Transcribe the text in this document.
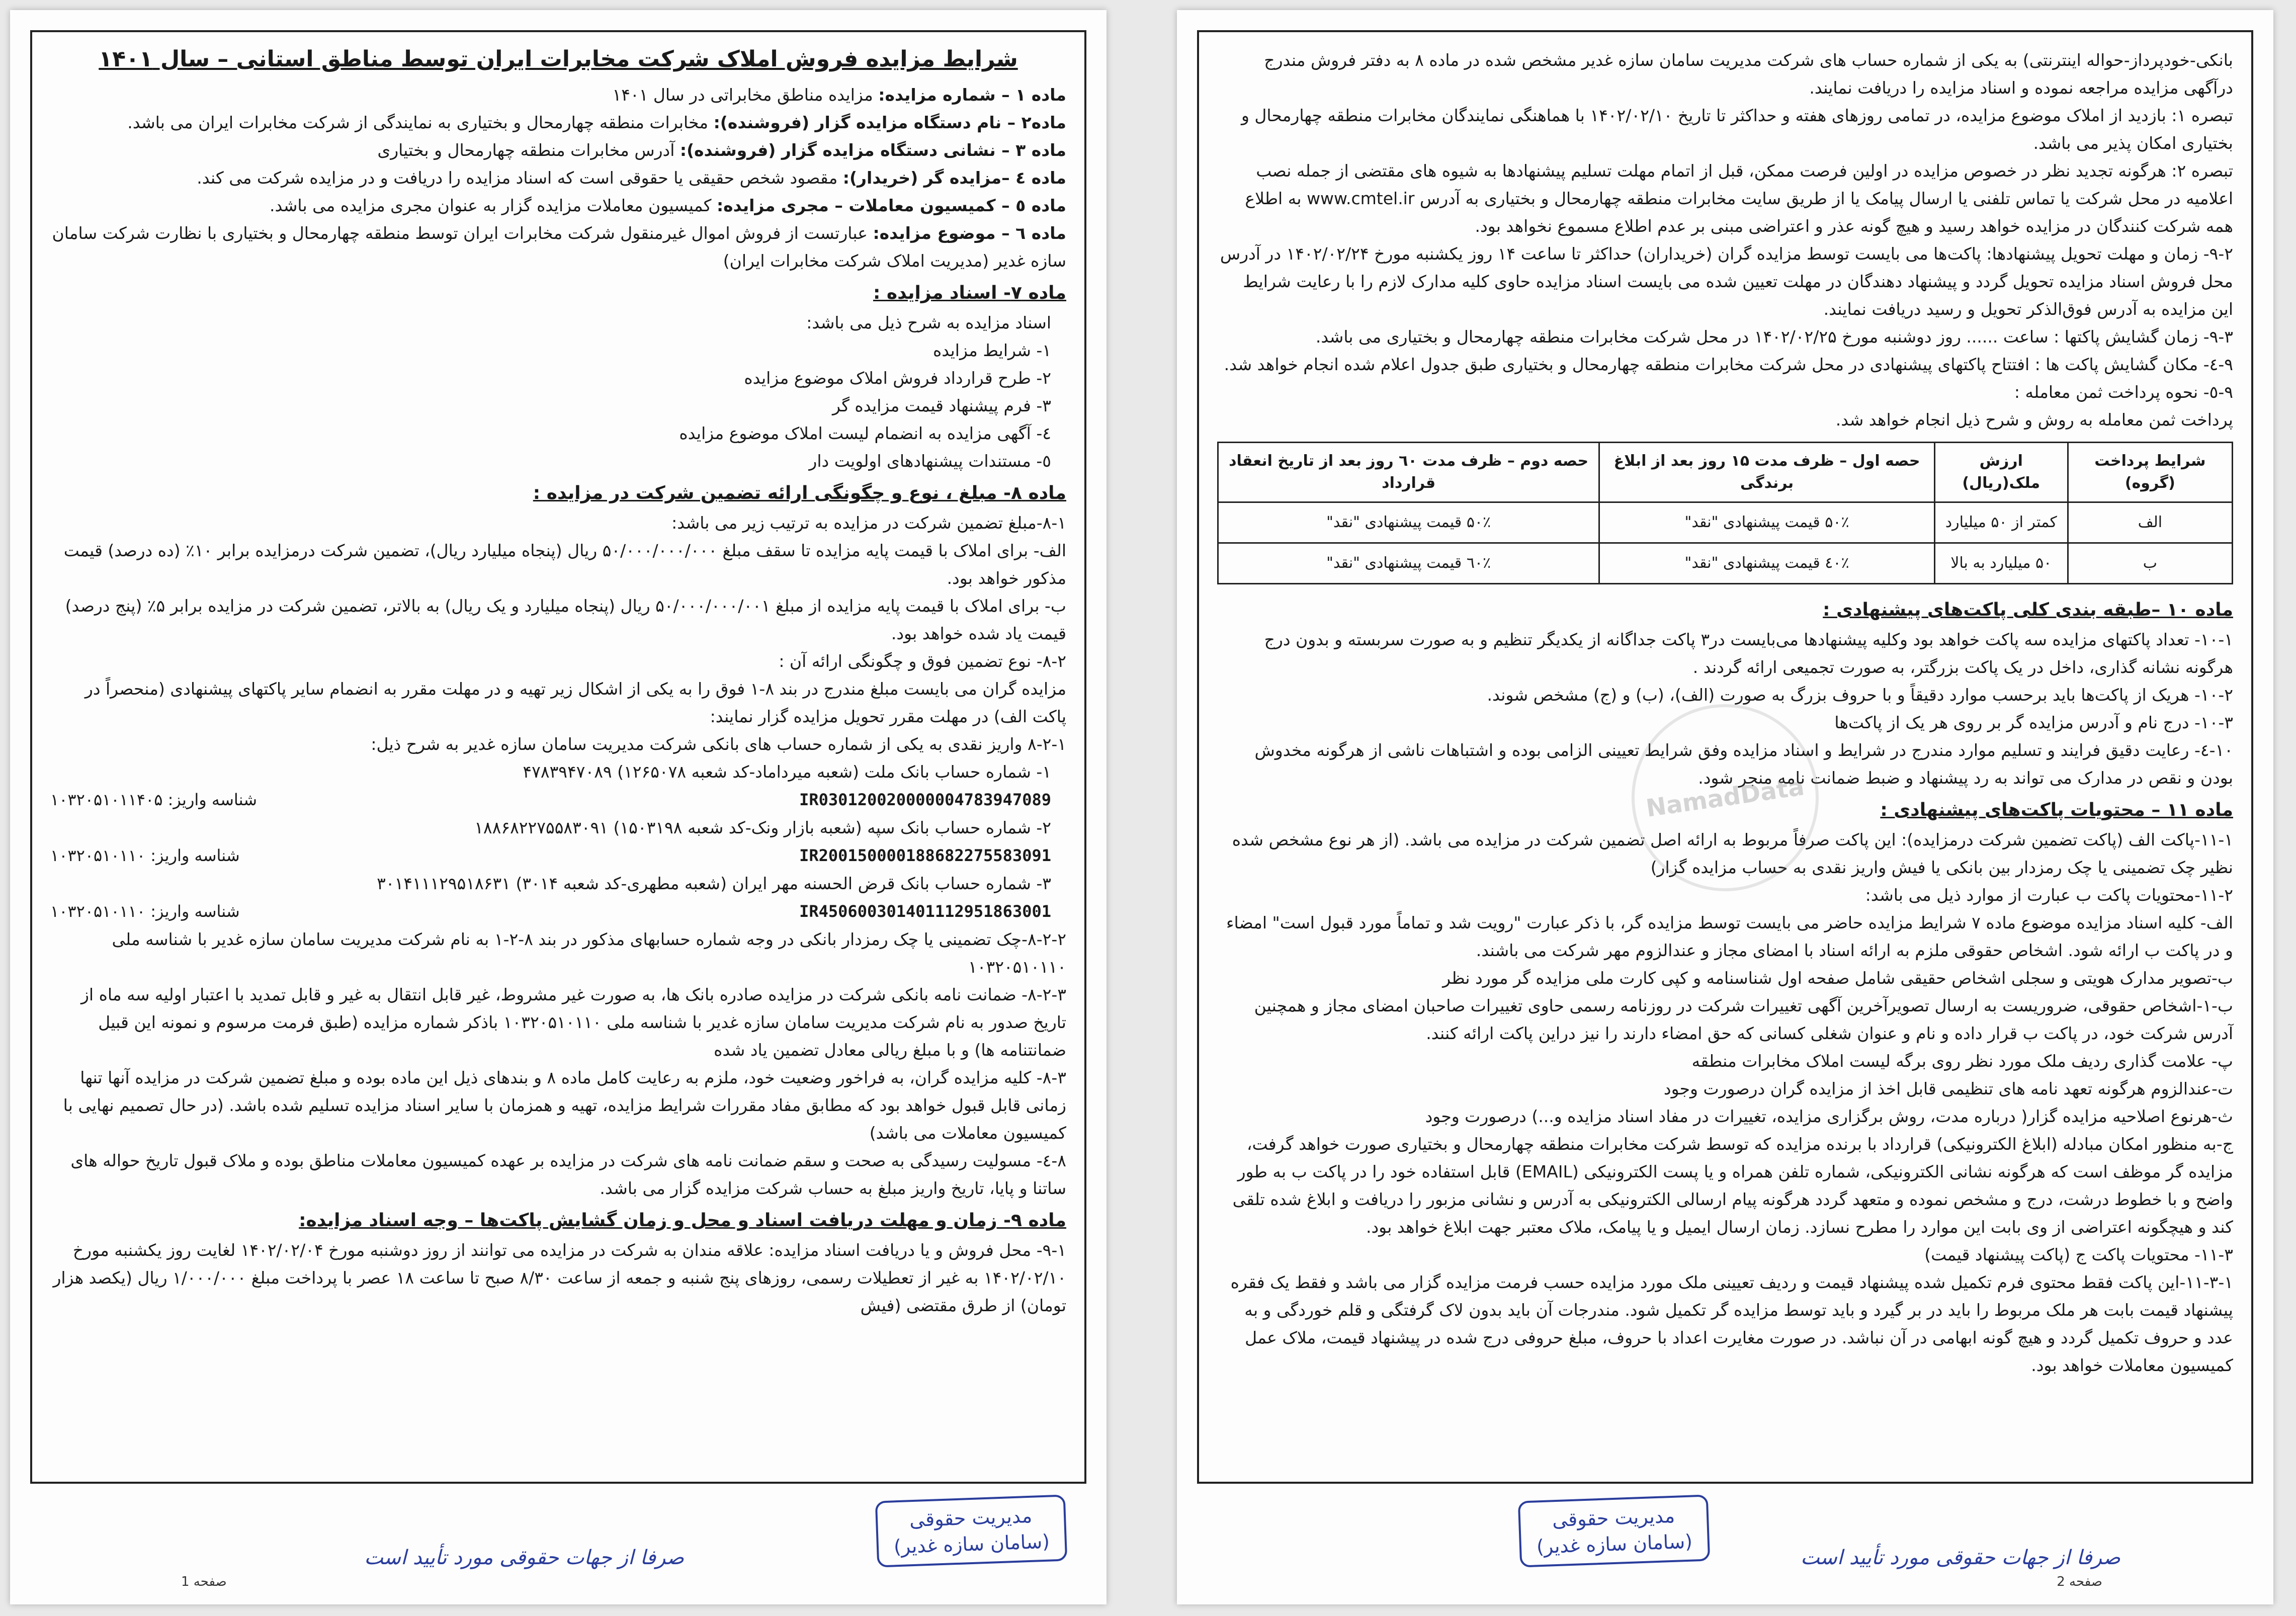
شرایط مزایده فروش املاک شرکت مخابرات ایران توسط مناطق استانی – سال ۱۴۰۱

ماده ۱ – شماره مزایده: مزایده مناطق مخابراتی در سال ۱۴۰۱

ماده۲ – نام دستگاه مزایده گزار (فروشنده): مخابرات منطقه چهارمحال و بختیاری به نمایندگی از شرکت مخابرات ایران می باشد.

ماده ۳ – نشانی دستگاه مزایده گزار (فروشنده): آدرس مخابرات منطقه چهارمحال و بختیاری

ماده ٤ –مزایده گر (خریدار): مقصود شخص حقیقی یا حقوقی است که اسناد مزایده را دریافت و در مزایده شرکت می کند.

ماده ٥ – کمیسیون معاملات – مجری مزایده: کمیسیون معاملات مزایده گزار به عنوان مجری مزایده می باشد.

ماده ٦ – موضوع مزایده: عبارتست از فروش اموال غیرمنقول شرکت مخابرات ایران توسط منطقه چهارمحال و بختیاری با نظارت شرکت سامان سازه غدیر (مدیریت املاک شرکت مخابرات ایران)

ماده ۷- اسناد مزایده :

اسناد مزایده به شرح ذیل می باشد:

۱- شرایط مزایده

۲- طرح قرارداد فروش املاک موضوع مزایده

۳- فرم پیشنهاد قیمت مزایده گر

٤- آگهی مزایده به انضمام لیست املاک موضوع مزایده

٥- مستندات پیشنهادهای اولویت دار

ماده ۸- مبلغ ، نوع و چگونگی ارائه تضمین شرکت در مزایده :

۸-۱-مبلغ تضمین شرکت در مزایده به ترتیب زیر می باشد:

الف- برای املاک با قیمت پایه مزایده تا سقف مبلغ ۵۰/۰۰۰/۰۰۰/۰۰۰ ریال (پنجاه میلیارد ریال)، تضمین شرکت درمزایده برابر ۱۰٪ (ده درصد) قیمت مذکور خواهد بود.

ب- برای املاک با قیمت پایه مزایده از مبلغ ۵۰/۰۰۰/۰۰۰/۰۰۱ ریال (پنجاه میلیارد و یک ریال) به بالاتر، تضمین شرکت در مزایده برابر ۵٪ (پنج درصد) قیمت یاد شده خواهد بود.

۸-۲- نوع تضمین فوق و چگونگی ارائه آن :

مزایده گران می بایست مبلغ مندرج در بند ۸-۱ فوق را به یکی از اشکال زیر تهیه و در مهلت مقرر به انضمام سایر پاکتهای پیشنهادی (منحصراً در پاکت الف) در مهلت مقرر تحویل مزایده گزار نمایند:

۸-۲-۱ واریز نقدی به یکی از شماره حساب های بانکی شرکت مدیریت سامان سازه غدیر به شرح ذیل:

۱- شماره حساب بانک ملت (شعبه میرداماد-کد شعبه ۱۲۶۵۰۷۸) ۴۷۸۳۹۴۷۰۸۹

IR030120020000004783947089
شناسه واریز: ۱۰۳۲۰۵۱۰۱۱۴۰۵

۲- شماره حساب بانک سپه (شعبه بازار ونک-کد شعبه ۱۵۰۳۱۹۸) ۱۸۸۶۸۲۲۷۵۵۸۳۰۹۱

IR200150000188682275583091
شناسه واریز: ۱۰۳۲۰۵۱۰۱۱۰

۳- شماره حساب بانک قرض الحسنه مهر ایران (شعبه مطهری-کد شعبه ۳۰۱۴) ۳۰۱۴۱۱۱۲۹۵۱۸۶۳۱

IR450600301401112951863001
شناسه واریز: ۱۰۳۲۰۵۱۰۱۱۰

۸-۲-۲-چک تضمینی یا چک رمزدار بانکی در وجه شماره حسابهای مذکور در بند ۸-۲-۱ به نام شرکت مدیریت سامان سازه غدیر با شناسه ملی ۱۰۳۲۰۵۱۰۱۱۰

۸-۲-۳- ضمانت نامه بانکی شرکت در مزایده صادره بانک ها، به صورت غیر مشروط، غیر قابل انتقال به غیر و قابل تمدید با اعتبار اولیه سه ماه از تاریخ صدور به نام شرکت مدیریت سامان سازه غدیر با شناسه ملی ۱۰۳۲۰۵۱۰۱۱۰ باذکر شماره مزایده (طبق فرمت مرسوم و نمونه این قبیل ضمانتنامه ها) و با مبلغ ریالی معادل تضمین یاد شده

۸-۳- کلیه مزایده گران، به فراخور وضعیت خود، ملزم به رعایت کامل ماده ۸ و بندهای ذیل این ماده بوده و مبلغ تضمین شرکت در مزایده آنها تنها زمانی قابل قبول خواهد بود که مطابق مفاد مقررات شرایط مزایده، تهیه و همزمان با سایر اسناد مزایده تسلیم شده باشد. (در حال تصمیم نهایی با کمیسیون معاملات می باشد)

۸-٤- مسولیت رسیدگی به صحت و سقم ضمانت نامه های شرکت در مزایده بر عهده کمیسیون معاملات مناطق بوده و ملاک قبول تاریخ حواله های ساتنا و پایا، تاریخ واریز مبلغ به حساب شرکت مزایده گزار می باشد.

ماده ۹- زمان و مهلت دریافت اسناد و محل و زمان گشایش پاکت‌ها – وجه اسناد مزایده:

۹-۱- محل فروش و یا دریافت اسناد مزایده: علاقه مندان به شرکت در مزایده می توانند از روز دوشنبه مورخ ۱۴۰۲/۰۲/۰۴ لغایت روز یکشنبه مورخ ۱۴۰۲/۰۲/۱۰ به غیر از تعطیلات رسمی، روزهای پنج شنبه و جمعه از ساعت ۸/۳۰ صبح تا ساعت ۱۸ عصر با پرداخت مبلغ ۱/۰۰۰/۰۰۰ ریال (یکصد هزار تومان) از طرق مقتضی (فیش

مدیریت حقوقی
(سامان سازه غدیر)
صرفا از جهات حقوقی مورد تأیید است
صفحه 1

بانکی-خودپرداز-حواله اینترنتی) به یکی از شماره حساب های شرکت مدیریت سامان سازه غدیر مشخص شده در ماده ۸ به دفتر فروش مندرج درآگهی مزایده مراجعه نموده و اسناد مزایده را دریافت نمایند.

تبصره ۱: بازدید از املاک موضوع مزایده، در تمامی روزهای هفته و حداکثر تا تاریخ ۱۴۰۲/۰۲/۱۰ با هماهنگی نمایندگان مخابرات منطقه چهارمحال و بختیاری امکان پذیر می باشد.

تبصره ۲: هرگونه تجدید نظر در خصوص مزایده در اولین فرصت ممکن، قبل از اتمام مهلت تسلیم پیشنهادها به شیوه های مقتضی از جمله نصب اعلامیه در محل شرکت یا تماس تلفنی یا ارسال پیامک یا از طریق سایت مخابرات منطقه چهارمحال و بختیاری به آدرس www.cmtel.ir به اطلاع همه شرکت کنندگان در مزایده خواهد رسید و هیچ گونه عذر و اعتراضی مبنی بر عدم اطلاع مسموع نخواهد بود.

۹-۲- زمان و مهلت تحویل پیشنهادها: پاکت‌ها می بایست توسط مزایده گران (خریداران) حداکثر تا ساعت ۱۴ روز یکشنبه مورخ ۱۴۰۲/۰۲/۲۴ در آدرس محل فروش اسناد مزایده تحویل گردد و پیشنهاد دهندگان در مهلت تعیین شده می بایست اسناد مزایده حاوی کلیه مدارک لازم را با رعایت شرایط این مزایده به آدرس فوق‌الذکر تحویل و رسید دریافت نمایند.

۹-۳- زمان گشایش پاکتها : ساعت ...... روز دوشنبه مورخ ۱۴۰۲/۰۲/۲۵ در محل شرکت مخابرات منطقه چهارمحال و بختیاری می باشد.

۹-٤- مکان گشایش پاکت ها : افتتاح پاکتهای پیشنهادی در محل شرکت مخابرات منطقه چهارمحال و بختیاری طبق جدول اعلام شده انجام خواهد شد.

۹-٥- نحوه پرداخت ثمن معامله :

پرداخت ثمن معامله به روش و شرح ذیل انجام خواهد شد.

شرایط پرداخت (گروه)	ارزش ملک(ریال)	حصه اول – ظرف مدت ۱۵ روز بعد از ابلاغ برندگی	حصه دوم – ظرف مدت ٦۰ روز بعد از تاریخ انعقاد قرارداد
الف	کمتر از ۵۰ میلیارد	۵۰٪ قیمت پیشنهادی "نقد"	۵۰٪ قیمت پیشنهادی "نقد"
ب	۵۰ میلیارد به بالا	٤۰٪ قیمت پیشنهادی "نقد"	٦۰٪ قیمت پیشنهادی "نقد"

ماده ۱۰ –طبقه بندی کلی پاکت‌های پیشنهادی :

۱۰-۱- تعداد پاکتهای مزایده سه پاکت خواهد بود وکلیه پیشنهادها می‌بایست در۳ پاکت جداگانه از یکدیگر تنظیم و به صورت سربسته و بدون درج هرگونه نشانه گذاری، داخل در یک پاکت بزرگتر، به صورت تجمیعی ارائه گردند .

۱۰-۲- هریک از پاکت‌ها باید برحسب موارد دقیقاً و با حروف بزرگ به صورت (الف)، (ب) و (ج) مشخص شوند.

۱۰-۳- درج نام و آدرس مزایده گر بر روی هر یک از پاکت‌ها

۱۰-٤- رعایت دقیق فرایند و تسلیم موارد مندرج در شرایط و اسناد مزایده وفق شرایط تعیینی الزامی بوده و اشتباهات ناشی از هرگونه مخدوش بودن و نقص در مدارک می تواند به رد پیشنهاد و ضبط ضمانت نامه منجر شود.

ماده ۱۱ – محتویات پاکت‌های پیشنهادی :

۱۱-۱-پاکت الف (پاکت تضمین شرکت درمزایده): این پاکت صرفاً مربوط به ارائه اصل تضمین شرکت در مزایده می باشد. (از هر نوع مشخص شده نظیر چک تضمینی یا چک رمزدار بین بانکی یا فیش واریز نقدی به حساب مزایده گزار)

۱۱-۲-محتویات پاکت ب عبارت از موارد ذیل می باشد:

الف- کلیه اسناد مزایده موضوع ماده ۷ شرایط مزایده حاضر می بایست توسط مزایده گر، با ذکر عبارت "رویت شد و تماماً مورد قبول است" امضاء و در پاکت ب ارائه شود. اشخاص حقوقی ملزم به ارائه اسناد با امضای مجاز و عندالزوم مهر شرکت می باشند.

ب-تصویر مدارک هویتی و سجلی اشخاص حقیقی شامل صفحه اول شناسنامه و کپی کارت ملی مزایده گر مورد نظر

ب-۱-اشخاص حقوقی، ضروریست به ارسال تصویرآخرین آگهی تغییرات شرکت در روزنامه رسمی حاوی تغییرات صاحبان امضای مجاز و همچنین آدرس شرکت خود، در پاکت ب قرار داده و نام و عنوان شغلی کسانی که حق امضاء دارند را نیز دراین پاکت ارائه کنند.

پ- علامت گذاری ردیف ملک مورد نظر روی برگه لیست املاک مخابرات منطقه

ت-عندالزوم هرگونه تعهد نامه های تنظیمی قابل اخذ از مزایده گران درصورت وجود

ث-هرنوع اصلاحیه مزایده گزار( درباره مدت، روش برگزاری مزایده، تغییرات در مفاد اسناد مزایده و...) درصورت وجود

ج-به منظور امکان مبادله (ابلاغ الکترونیکی) قرارداد با برنده مزایده که توسط شرکت مخابرات منطقه چهارمحال و بختیاری صورت خواهد گرفت، مزایده گر موظف است که هرگونه نشانی الکترونیکی، شماره تلفن همراه و یا پست الکترونیکی (EMAIL) قابل استفاده خود را در پاکت ب به طور واضح و با خطوط درشت، درج و مشخص نموده و متعهد گردد هرگونه پیام ارسالی الکترونیکی به آدرس و نشانی مزبور را دریافت و ابلاغ شده تلقی کند و هیچگونه اعتراضی از وی بابت این موارد را مطرح نسازد. زمان ارسال ایمیل و یا پیامک، ملاک معتبر جهت ابلاغ خواهد بود.

۱۱-۳- محتویات پاکت ج (پاکت پیشنهاد قیمت)

۱۱-۳-۱-این پاکت فقط محتوی فرم تکمیل شده پیشنهاد قیمت و ردیف تعیینی ملک مورد مزایده حسب فرمت مزایده گزار می باشد و فقط یک فقره پیشنهاد قیمت بابت هر ملک مربوط را باید در بر گیرد و باید توسط مزایده گر تکمیل شود. مندرجات آن باید بدون لاک گرفتگی و قلم خوردگی و به عدد و حروف تکمیل گردد و هیچ گونه ابهامی در آن نباشد. در صورت مغایرت اعداد با حروف، مبلغ حروفی درج شده در پیشنهاد قیمت، ملاک عمل کمیسیون معاملات خواهد بود.

NamadData
مدیریت حقوقی
(سامان سازه غدیر)	صرفا از جهات حقوقی مورد تأیید است
صفحه 2
